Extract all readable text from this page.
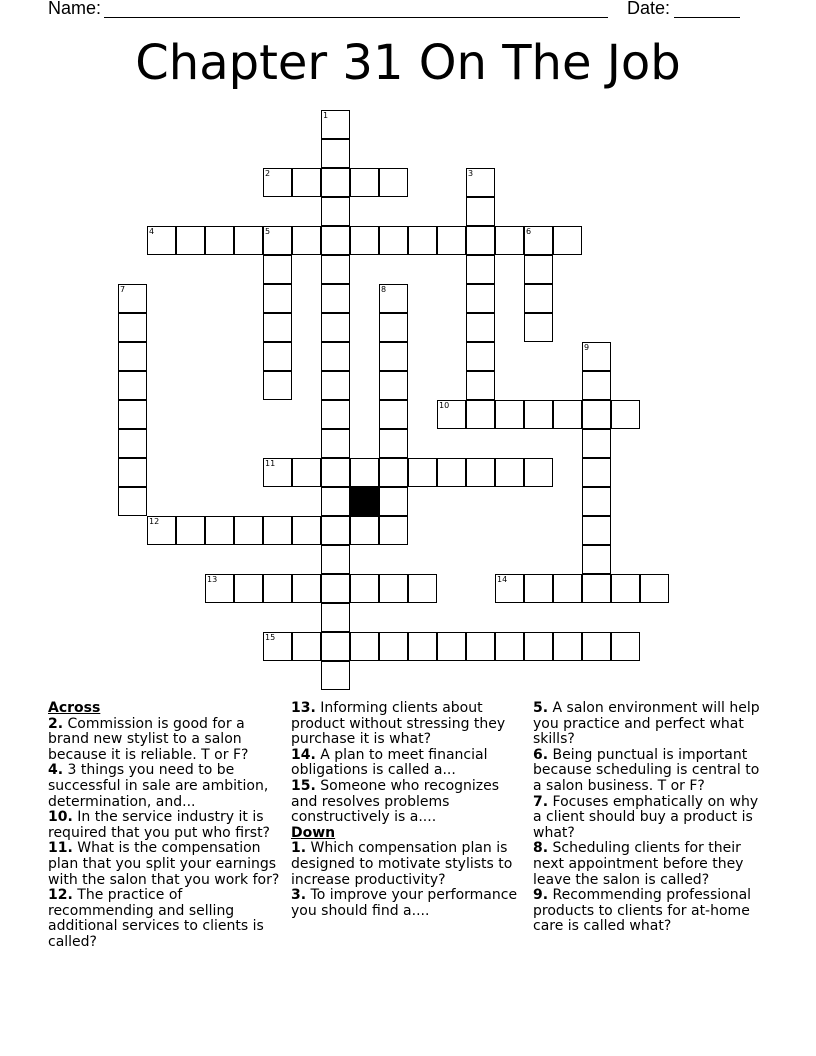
Name:	Date:
Chapter 31 On The Job
1
2	3
4	5	6
7	8
9
10
11
12
13	14
15
Across
2. Commission is good for a brand new stylist to a salon because it is reliable. T or F?
4. 3 things you need to be successful in sale are ambition, determination, and...
10. In the service industry it is required that you put who first?
11. What is the compensation plan that you split your earnings with the salon that you work for?
12. The practice of recommending and selling additional services to clients is called?
13. Informing clients about product without stressing they purchase it is what?
14. A plan to meet financial obligations is called a...
15. Someone who recognizes and resolves problems constructively is a....
Down
1. Which compensation plan is designed to motivate stylists to increase productivity?
3. To improve your performance you should find a....
5. A salon environment will help you practice and perfect what skills?
6. Being punctual is important because scheduling is central to a salon business. T or F?
7. Focuses emphatically on why a client should buy a product is what?
8. Scheduling clients for their next appointment before they leave the salon is called?
9. Recommending professional products to clients for at-home care is called what?
